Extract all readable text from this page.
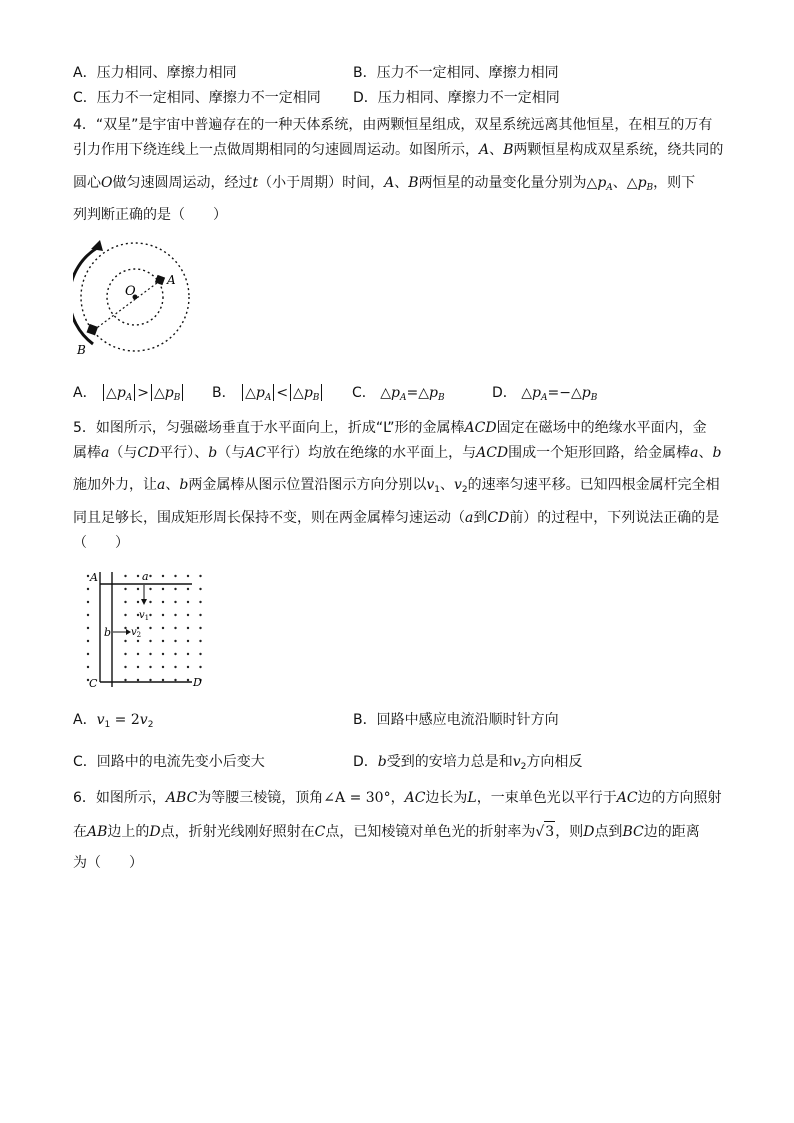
A．压力相同、摩擦力相同	B．压力不一定相同、摩擦力相同
C．压力不一定相同、摩擦力不一定相同 D．压力相同、摩擦力不一定相同
4．“双星”是宇宙中普遍存在的一种天体系统，由两颗恒星组成，双星系统远离其他恒星，在相互的万有
引力作用下绕连线上一点做周期相同的匀速圆周运动。如图所示，A、B两颗恒星构成双星系统，绕共同的
圆心O做匀速圆周运动，经过t（小于周期）时间，A、B两恒星的动量变化量分别为$\triangle p_A$、$\triangle p_B$，则下
列判断正确的是（　　）
O
A
B
A． $\triangle p_A$ > $\triangle p_B$	B． $\triangle p_A$ < $\triangle p_B$	C． $\triangle p_A=\triangle p_B$	D． $\triangle p_A=-\triangle p_B$
5．如图所示，匀强磁场垂直于水平面向上，折成“L”形的金属棒ACD固定在磁场中的绝缘水平面内，金
属棒a（与CD平行）、b（与AC平行）均放在绝缘的水平面上，与ACD围成一个矩形回路，给金属棒a、b
施加外力，让a、b两金属棒从图示位置沿图示方向分别以$v_1$、$v_2$的速率匀速平移。已知四根金属杆完全相
同且足够长，围成矩形周长保持不变，则在两金属棒匀速运动（a到CD前）的过程中，下列说法正确的是
（　　）
A	a
$v_1$
b $v_2$
C	D
A．$v_1 = 2v_2$	B．回路中感应电流沿顺时针方向
C．回路中的电流先变小后变大	D．b受到的安培力总是和$v_2$方向相反
6．如图所示，ABC为等腰三棱镜，顶角∠A = 30°，AC边长为L，一束单色光以平行于AC边的方向照射
在AB边上的D点，折射光线刚好照射在C点，已知棱镜对单色光的折射率为√3，则D点到BC边的距离
为（　　）
